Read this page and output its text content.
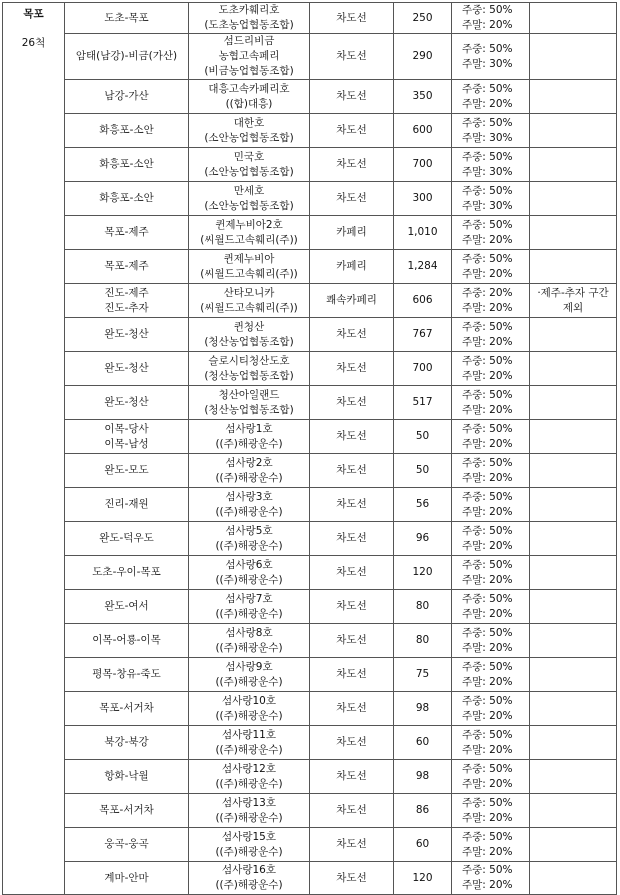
목포
26척	도초-목포	도초카훼리호
(도초농업협동조합)	차도선	250	주중: 50%
주말: 20%	

	암태(남강)-비금(가산)	섬드리비금
농협고속페리
(비금농업협동조합)	차도선	290	주중: 50%
주말: 30%	

	남강-가산	대흥고속카페리호
((합)대흥)	차도선	350	주중: 50%
주말: 20%	

	화흥포-소안	대한호
(소안농업협동조합)	차도선	600	주중: 50%
주말: 30%	

	화흥포-소안	민국호
(소안농업협동조합)	차도선	700	주중: 50%
주말: 30%	

	화흥포-소안	만세호
(소안농업협동조합)	차도선	300	주중: 50%
주말: 30%	

	목포-제주	퀸제누비아2호
(씨월드고속훼리(주))	카페리	1,010	주중: 50%
주말: 20%	

	목포-제주	퀸제누비아
(씨월드고속훼리(주))	카페리	1,284	주중: 50%
주말: 20%	

	진도-제주
진도-추자	산타모니카
(씨월드고속훼리(주))	쾌속카페리	606	주중: 20%
주말: 20%	·제주-추자 구간
제외

	완도-청산	퀸청산
(청산농업협동조합)	차도선	767	주중: 50%
주말: 20%	

	완도-청산	슬로시티청산도호
(청산농업협동조합)	차도선	700	주중: 50%
주말: 20%	

	완도-청산	청산아일랜드
(청산농업협동조합)	차도선	517	주중: 50%
주말: 20%	

	이목-당사
이목-남성	섬사랑1호
((주)해광운수)	차도선	50	주중: 50%
주말: 20%	

	완도-모도	섬사랑2호
((주)해광운수)	차도선	50	주중: 50%
주말: 20%	

	진리-재원	섬사랑3호
((주)해광운수)	차도선	56	주중: 50%
주말: 20%	

	완도-덕우도	섬사랑5호
((주)해광운수)	차도선	96	주중: 50%
주말: 20%	

	도초-우이-목포	섬사랑6호
((주)해광운수)	차도선	120	주중: 50%
주말: 20%	

	완도-여서	섬사랑7호
((주)해광운수)	차도선	80	주중: 50%
주말: 20%	

	이목-어룡-이목	섬사랑8호
((주)해광운수)	차도선	80	주중: 50%
주말: 20%	

	평목-창유-죽도	섬사랑9호
((주)해광운수)	차도선	75	주중: 50%
주말: 20%	

	목포-서거차	섬사랑10호
((주)해광운수)	차도선	98	주중: 50%
주말: 20%	

	북강-북강	섬사랑11호
((주)해광운수)	차도선	60	주중: 50%
주말: 20%	

	항화-낙월	섬사랑12호
((주)해광운수)	차도선	98	주중: 50%
주말: 20%	

	목포-서거차	섬사랑13호
((주)해광운수)	차도선	86	주중: 50%
주말: 20%	

	웅곡-웅곡	섬사랑15호
((주)해광운수)	차도선	60	주중: 50%
주말: 20%	

	계마-안마	섬사랑16호
((주)해광운수)	차도선	120	주중: 50%
주말: 20%	
